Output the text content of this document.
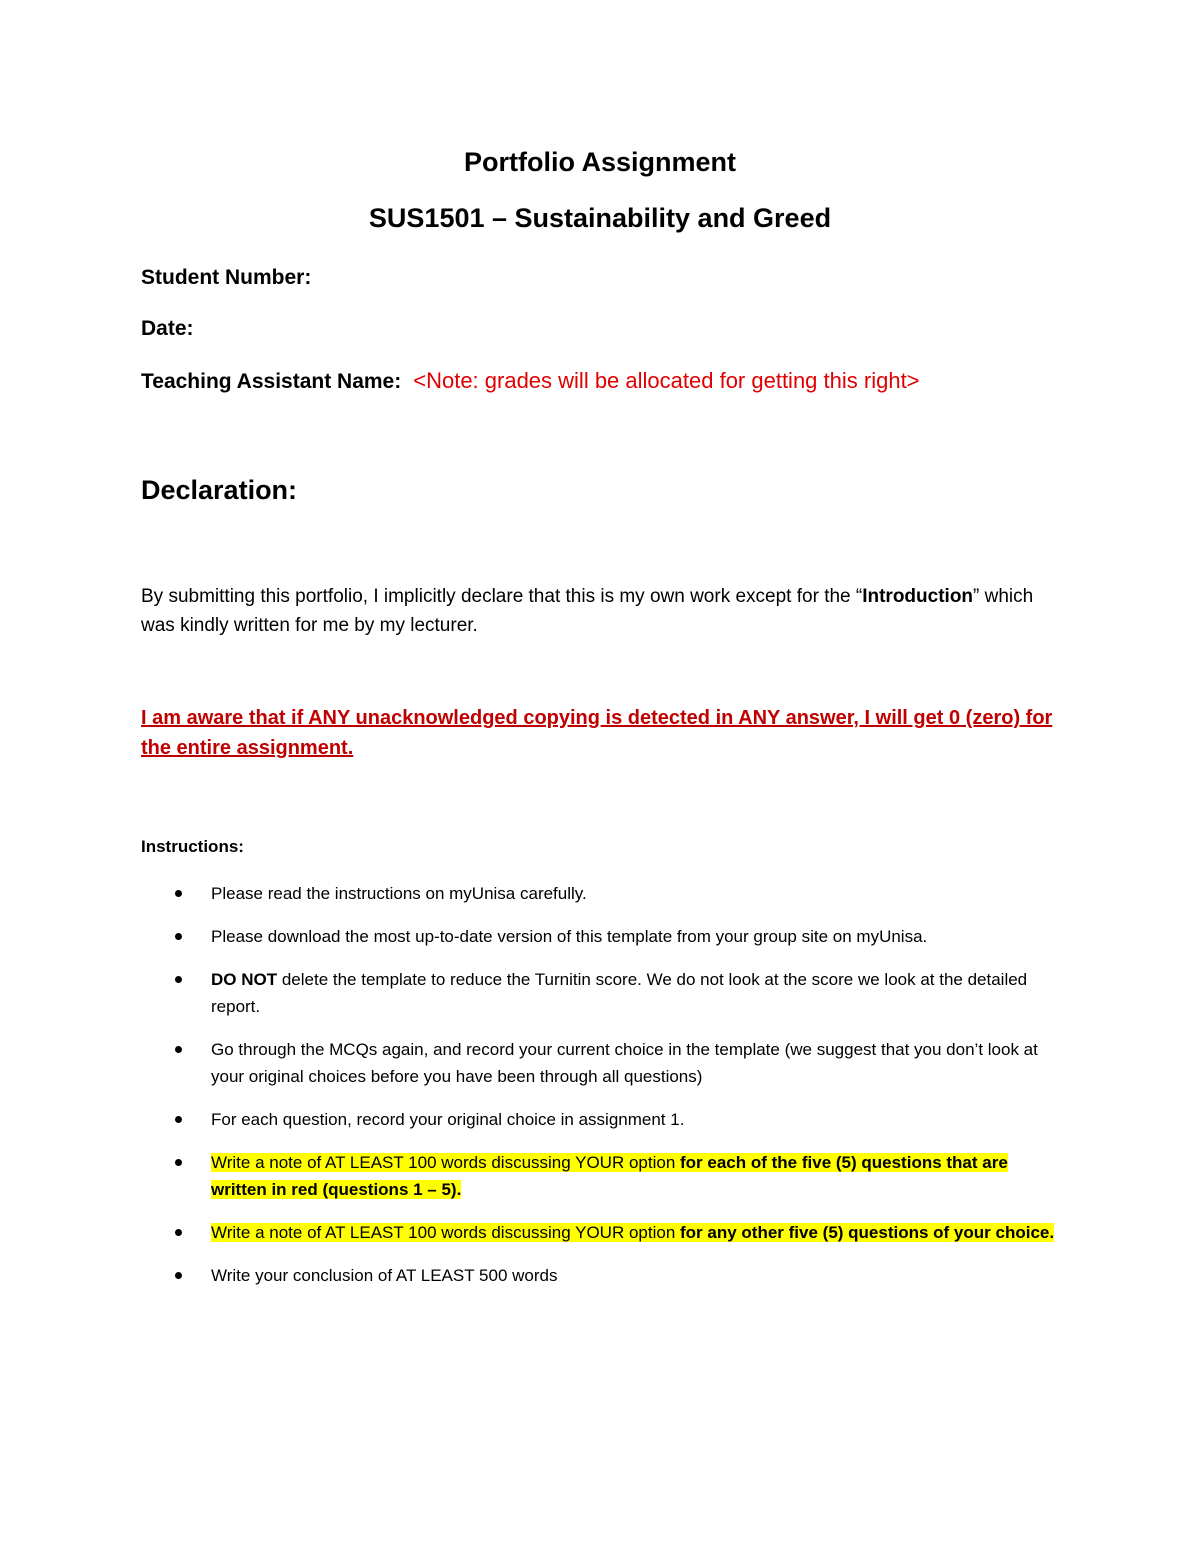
Portfolio Assignment
SUS1501 – Sustainability and Greed
Student Number:
Date:
Teaching Assistant Name: <Note: grades will be allocated for getting this right>
Declaration:
By submitting this portfolio, I implicitly declare that this is my own work except for the “Introduction” which was kindly written for me by my lecturer.
I am aware that if ANY unacknowledged copying is detected in ANY answer, I will get 0 (zero) for the entire assignment.
Instructions:
Please read the instructions on myUnisa carefully.
Please download the most up-to-date version of this template from your group site on myUnisa.
DO NOT delete the template to reduce the Turnitin score. We do not look at the score we look at the detailed report.
Go through the MCQs again, and record your current choice in the template (we suggest that you don’t look at your original choices before you have been through all questions)
For each question, record your original choice in assignment 1.
Write a note of AT LEAST 100 words discussing YOUR option for each of the five (5) questions that are written in red (questions 1 – 5).
Write a note of AT LEAST 100 words discussing YOUR option for any other five (5) questions of your choice.
Write your conclusion of AT LEAST 500 words
